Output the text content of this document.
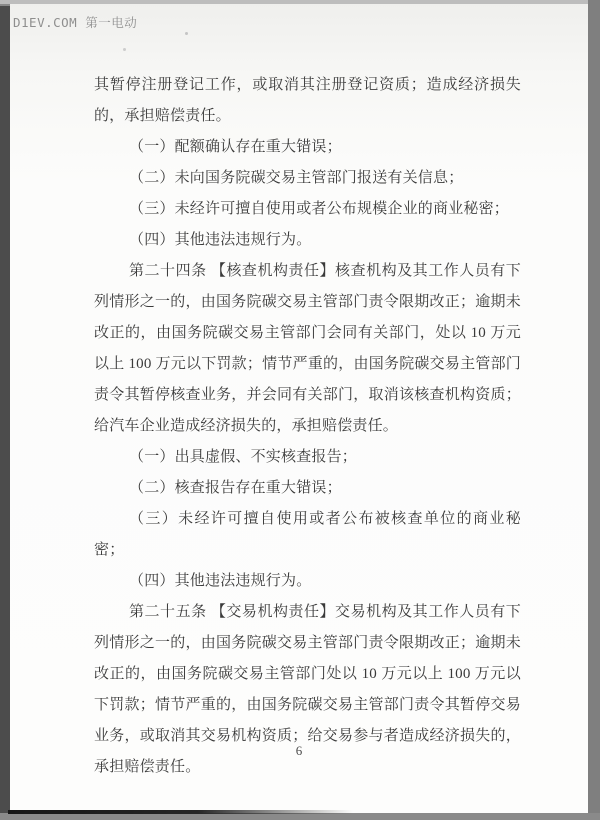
D1EV.COM 第一电动

其暂停注册登记工作，或取消其注册登记资质；造成经济损失的，承担赔偿责任。

（一）配额确认存在重大错误；

（二）未向国务院碳交易主管部门报送有关信息；

（三）未经许可擅自使用或者公布规模企业的商业秘密；

（四）其他违法违规行为。

第二十四条 【核查机构责任】核查机构及其工作人员有下列情形之一的，由国务院碳交易主管部门责令限期改正；逾期未改正的，由国务院碳交易主管部门会同有关部门，处以 10 万元以上 100 万元以下罚款；情节严重的，由国务院碳交易主管部门责令其暂停核查业务，并会同有关部门，取消该核查机构资质；给汽车企业造成经济损失的，承担赔偿责任。

（一）出具虚假、不实核查报告；

（二）核查报告存在重大错误；

（三）未经许可擅自使用或者公布被核查单位的商业秘密；

（四）其他违法违规行为。

第二十五条 【交易机构责任】交易机构及其工作人员有下列情形之一的，由国务院碳交易主管部门责令限期改正；逾期未改正的，由国务院碳交易主管部门处以 10 万元以上 100 万元以下罚款；情节严重的，由国务院碳交易主管部门责令其暂停交易业务，或取消其交易机构资质；给交易参与者造成经济损失的，承担赔偿责任。

6
